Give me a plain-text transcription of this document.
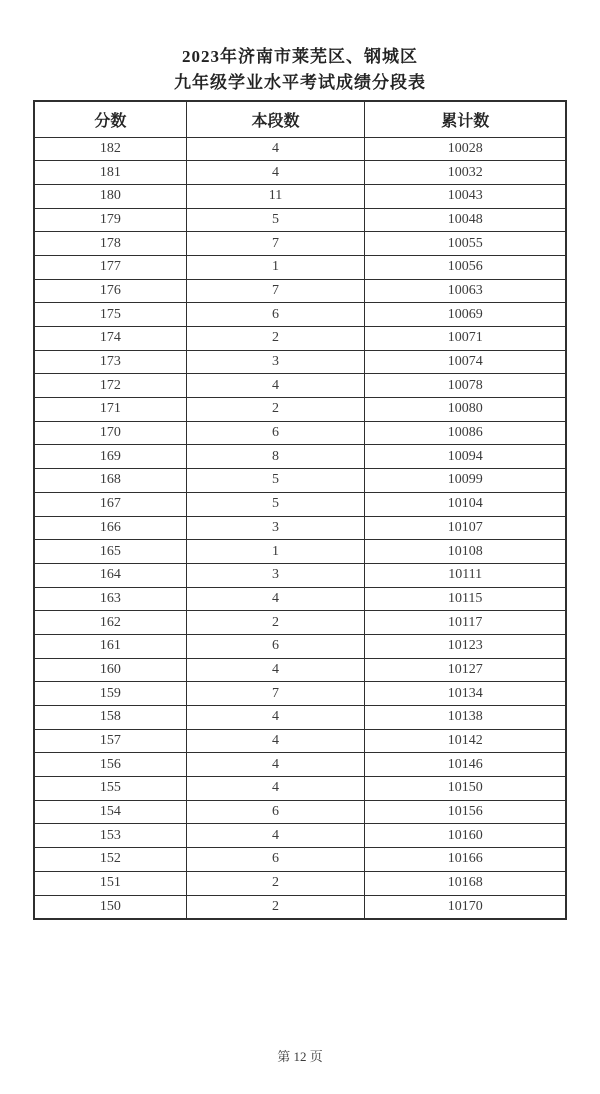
2023年济南市莱芜区、钢城区
九年级学业水平考试成绩分段表
分数	本段数	累计数
182	4	10028
181	4	10032
180	11	10043
179	5	10048
178	7	10055
177	1	10056
176	7	10063
175	6	10069
174	2	10071
173	3	10074
172	4	10078
171	2	10080
170	6	10086
169	8	10094
168	5	10099
167	5	10104
166	3	10107
165	1	10108
164	3	10111
163	4	10115
162	2	10117
161	6	10123
160	4	10127
159	7	10134
158	4	10138
157	4	10142
156	4	10146
155	4	10150
154	6	10156
153	4	10160
152	6	10166
151	2	10168
150	2	10170
第 12 页
